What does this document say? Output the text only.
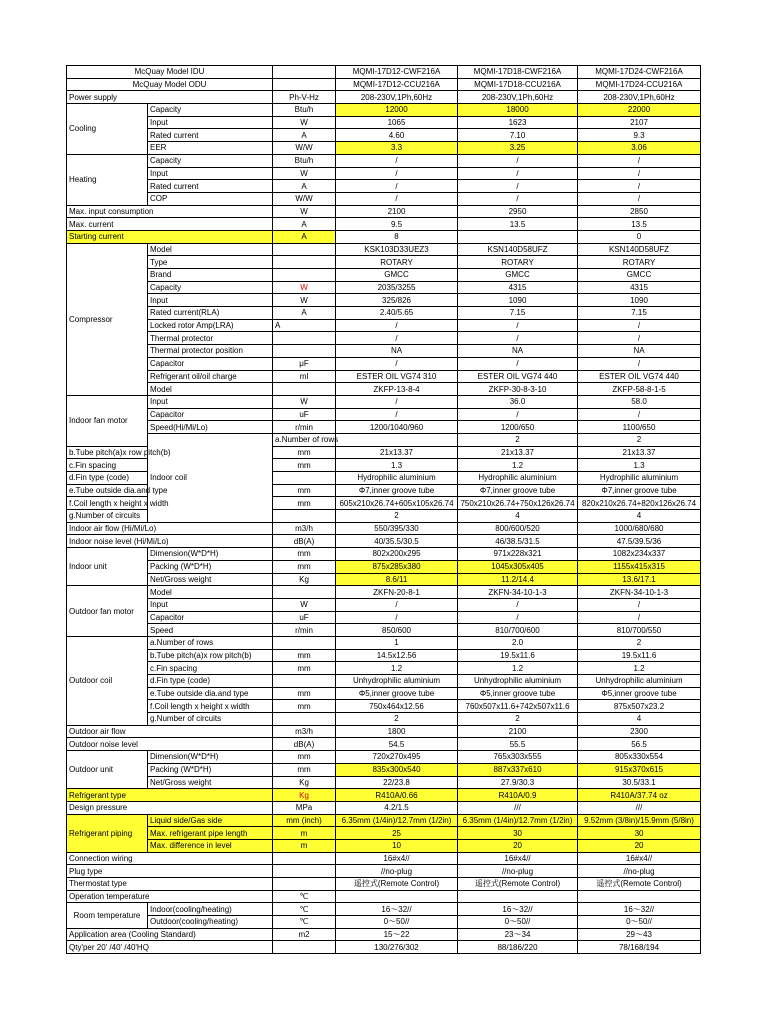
McQuay Model IDU			MQMI-17D12-CWF216A	MQMI-17D18-CWF216A	MQMI-17D24-CWF216A	
McQuay Model ODU			MQMI-17D12-CCU216A	MQMI-17D18-CCU216A	MQMI-17D24-CCU216A	
Power supply		Ph-V-Hz	208-230V,1Ph,60Hz	208-230V,1Ph,60Hz	208-230V,1Ph,60Hz	
Cooling	Capacity	Btu/h	12000	18000	22000	
	Input	W	1065	1623	2107	
	Rated current	A	4.60	7.10	9.3	
	EER	W/W	3.3	3.25	3.06	
Heating	Capacity	Btu/h	/	/	/	
	Input	W	/	/	/	
	Rated current	A	/	/	/	
	COP	W/W	/	/	/	
Max. input consumption		W	2100	2950	2850	
Max. current		A	9.5	13.5	13.5	
Starting current		A	8		0	
Compressor	Model		KSK103D33UEZ3	KSN140D58UFZ	KSN140D58UFZ	
	Type		ROTARY	ROTARY	ROTARY	
	Brand		GMCC	GMCC	GMCC	
	Capacity	W	2035/3255	4315	4315	
	Input	W	325/826	1090	1090	
	Rated current(RLA)	A	2.40/5.65	7.15	7.15	
	Locked rotor Amp(LRA)	A	/	/	/	
	Thermal protector		/	/	/	
	Thermal protector position		NA	NA	NA	
	Capacitor	μF	/	/	/	
	Refrigerant oil/oil charge	ml	ESTER OIL VG74 310	ESTER OIL VG74 440	ESTER OIL VG74 440	
	Model		ZKFP-13-8-4	ZKFP-30-8-3-10	ZKFP-58-8-1-5	
Indoor fan motor	Input	W	/	36.0	58.0	
	Capacitor	uF	/	/	/	
	Speed(Hi/Mi/Lo)	r/min	1200/1040/960	1200/650	1100/650	
	Indoor coil	a.Number of rows		2	2	
b.Tube pitch(a)x row pitch(b)		mm	21x13.37	21x13.37	21x13.37	
c.Fin spacing		mm	1.3	1.2	1.3	
d.Fin type (code)			Hydrophilic aluminium	Hydrophilic aluminium	Hydrophilic aluminium	
e.Tube outside dia.and type		mm	Φ7,inner groove tube	Φ7,inner groove tube	Φ7,inner groove tube	
f.Coil length x height x width		mm	605x210x26.74+605x105x26.74	750x210x26.74+750x126x26.74	820x210x26.74+820x126x26.74	
g.Number of circuits			2	4	4	
Indoor air flow (Hi/Mi/Lo)		m3/h	550/395/330	800/600/520	1000/680/680	
Indoor noise level (Hi/Mi/Lo)		dB(A)	40/35.5/30.5	46/38.5/31.5	47.5/39.5/36	
Indoor unit	Dimension(W*D*H)	mm	802x200x295	971x228x321	1082x234x337	
	Packing (W*D*H)	mm	875x285x380	1045x305x405	1155x415x315	
	Net/Gross weight	Kg	8.6/11	11.2/14.4	13.6/17.1	
Outdoor fan motor	Model		ZKFN-20-8-1	ZKFN-34-10-1-3	ZKFN-34-10-1-3	
	Input	W	/	/	/	
	Capacitor	uF	/	/	/	
	Speed	r/min	850/600	810/700/600	810/700/550	
Outdoor coil	a.Number of rows		1	2.0	2	
	b.Tube pitch(a)x row pitch(b)	mm	14.5x12.56	19.5x11.6	19.5x11.6	
	c.Fin spacing	mm	1.2	1.2	1.2	
	d.Fin type (code)		Unhydrophilic aluminium	Unhydrophilic aluminium	Unhydrophilic aluminium	
	e.Tube outside dia.and type	mm	Φ5,inner groove tube	Φ5,inner groove tube	Φ5,inner groove tube	
	f.Coil length x height x width	mm	750x464x12.56	760x507x11.6+742x507x11.6	875x507x23.2	
	g.Number of circuits		2	2	4	
Outdoor air flow		m3/h	1800	2100	2300	
Outdoor noise level		dB(A)	54.5	55.5	56.5	
Outdoor unit	Dimension(W*D*H)	mm	720x270x495	765x303x555	805x330x554	
	Packing (W*D*H)	mm	835x300x540	887x337x610	915x370x615	
	Net/Gross weight	Kg	22/23.8	27.9/30.3	30.5/33.1	
Refrigerant type		Kg	R410A/0.66	R410A/0.9	R410A/37.74 oz	
Design pressure		MPa	4.2/1.5	///	///	
Refrigerant piping	Liquid side/Gas side	mm (inch)	6.35mm (1/4in)/12.7mm (1/2in)	6.35mm (1/4in)/12.7mm (1/2in)	9.52mm (3/8in)/15.9mm (5/8in)	
	Max. refrigerant pipe length	m	25	30	30	
	Max. difference in level	m	10	20	20	
Connection wiring			16#x4//	16#x4//	16#x4//	
Plug type			//no-plug	//no-plug	//no-plug	
Thermostat type			遥控式(Remote Control)	遥控式(Remote Control)	遥控式(Remote Control)	
Operation temperature		℃				
Room temperature	Indoor(cooling/heating)	℃	16～32//	16～32//	16～32//	
	Outdoor(cooling/heating)	℃	0～50//	0～50//	0～50//	
Application area (Cooling Standard)		m2	15～22	23～34	29～43	
Qty'per 20' /40' /40'HQ			130/276/302	88/186/220	78/168/194	
